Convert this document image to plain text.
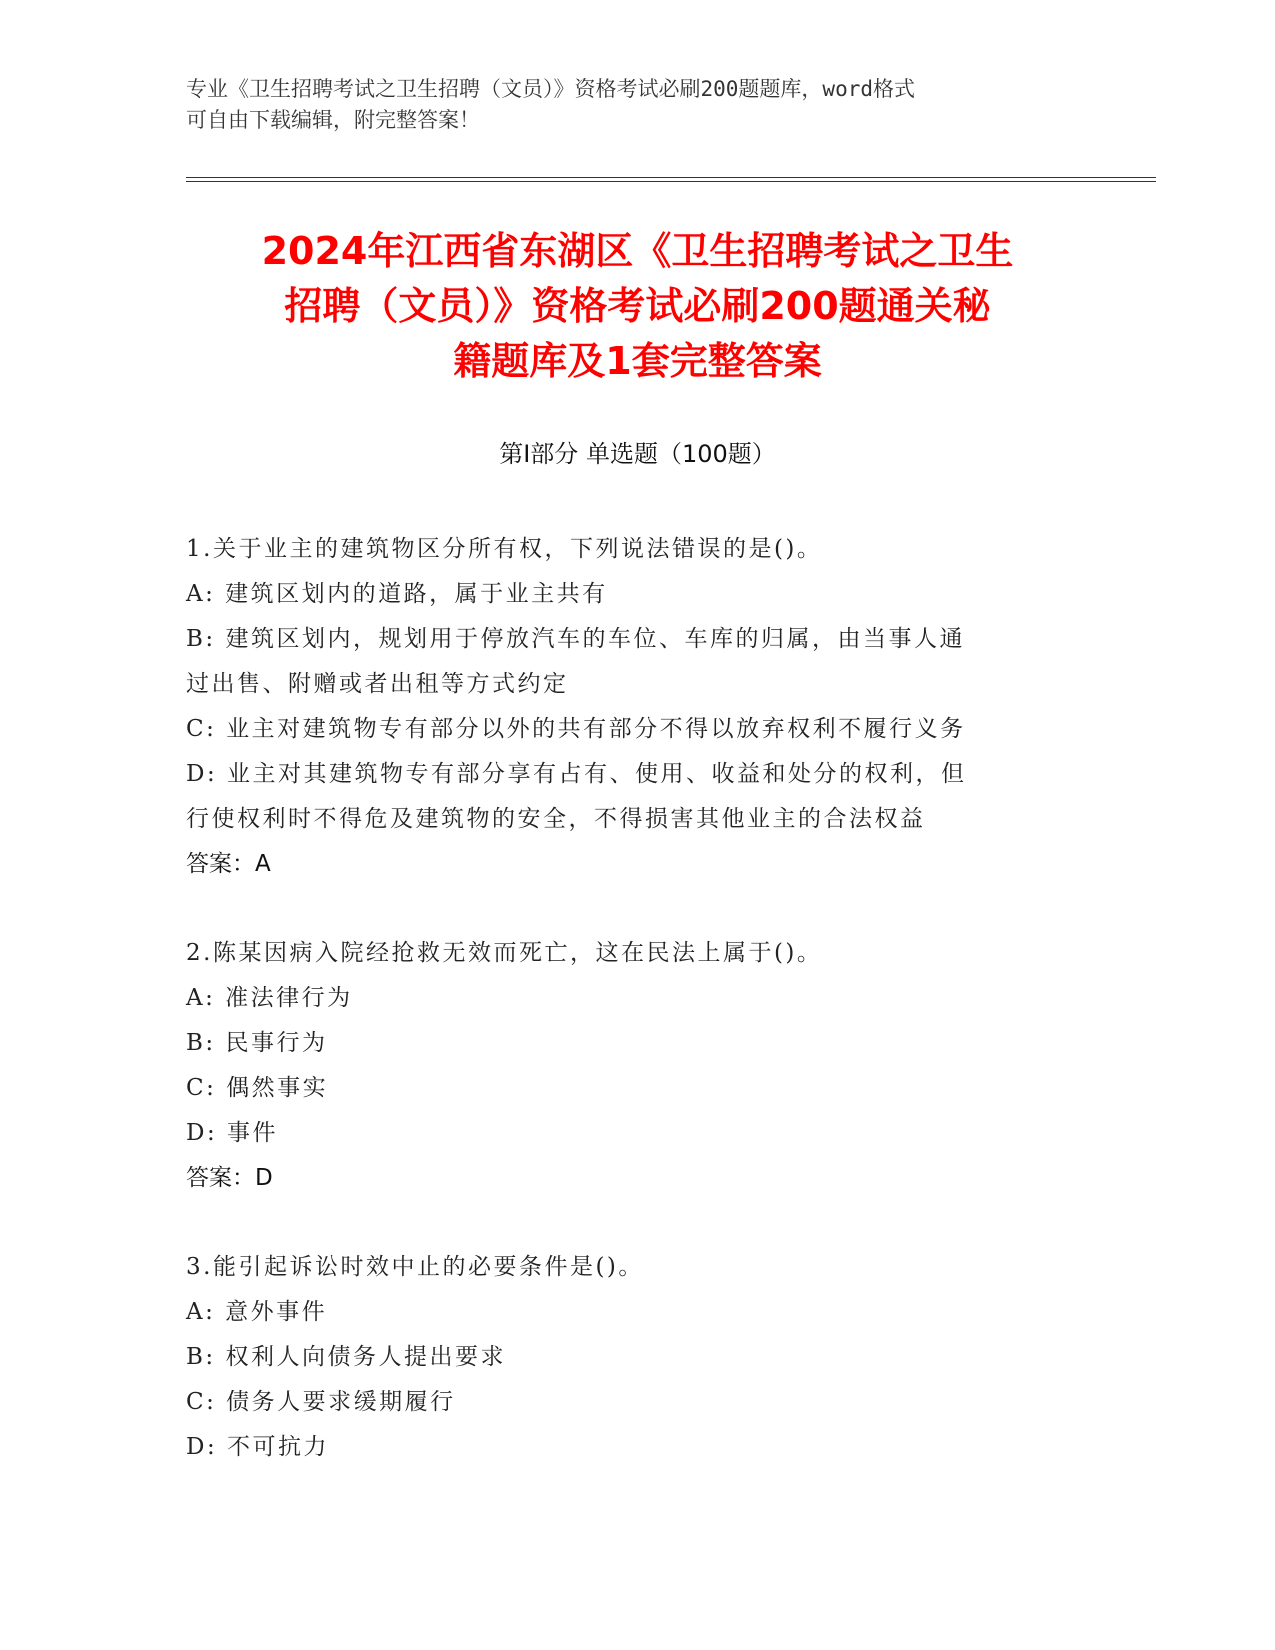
专业《卫生招聘考试之卫生招聘（文员）》资格考试必刷200题题库，word格式
可自由下载编辑，附完整答案！
2024年江西省东湖区《卫生招聘考试之卫生
招聘（文员）》资格考试必刷200题通关秘
籍题库及1套完整答案
第Ⅰ部分 单选题（100题）

1.关于业主的建筑物区分所有权，下列说法错误的是()。

A: 建筑区划内的道路，属于业主共有

B: 建筑区划内，规划用于停放汽车的车位、车库的归属，由当事人通

过出售、附赠或者出租等方式约定

C: 业主对建筑物专有部分以外的共有部分不得以放弃权利不履行义务

D: 业主对其建筑物专有部分享有占有、使用、收益和处分的权利，但

行使权利时不得危及建筑物的安全，不得损害其他业主的合法权益

答案：A

2.陈某因病入院经抢救无效而死亡，这在民法上属于()。

A: 准法律行为

B: 民事行为

C: 偶然事实

D: 事件

答案：D

3.能引起诉讼时效中止的必要条件是()。

A: 意外事件

B: 权利人向债务人提出要求

C: 债务人要求缓期履行

D: 不可抗力
